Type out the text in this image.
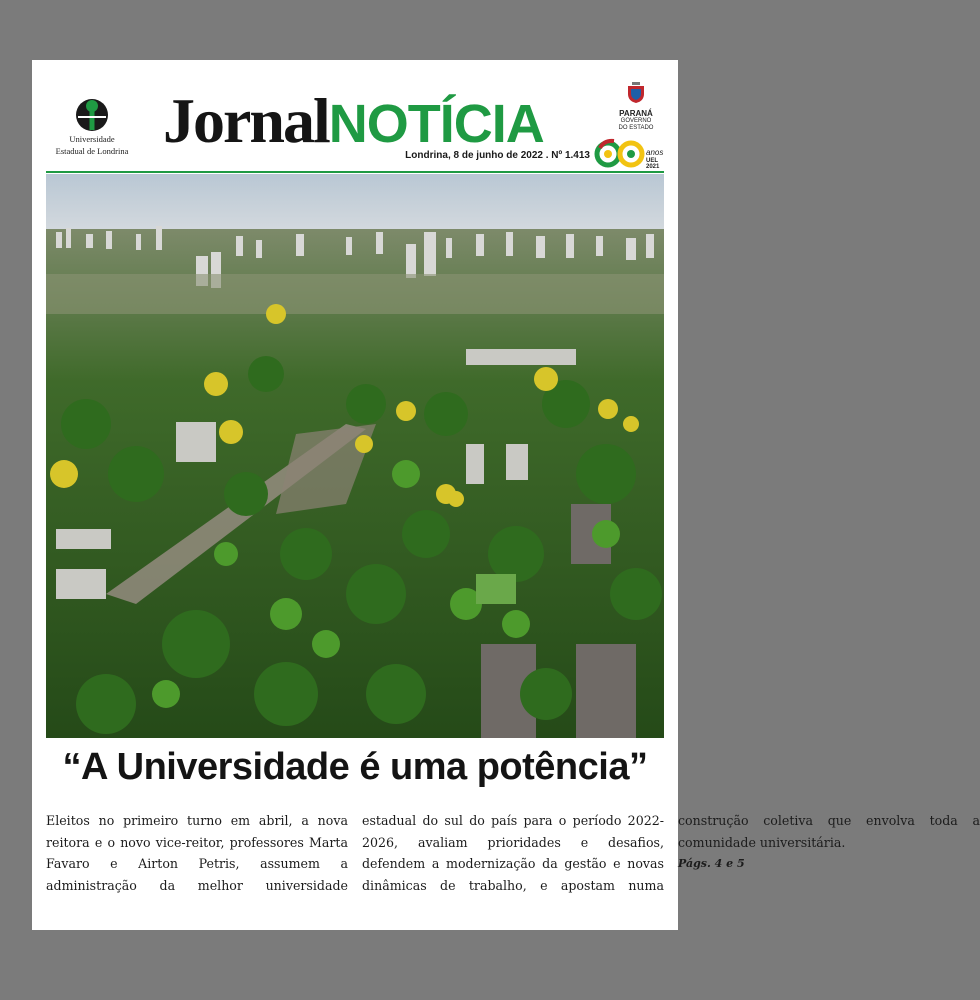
Universidade
Estadual de Londrina JornalNOTÍCIA
Londrina, 8 de junho de 2022 . Nº 1.413
PARANÁ
GOVERNO
DO ESTADO
anos
UEL 2021
“A Universidade é uma potência”
Eleitos no primeiro turno em abril, a nova reitora e o novo vice-reitor, professores Marta Favaro e Airton Petris, assumem a administração da melhor universidade estadual do sul do país para o período 2022-2026, avaliam prioridades e desafios, defendem a modernização da gestão e novas dinâmicas de trabalho, e apostam numa construção coletiva que envolva toda a comunidade universitária.
Págs. 4 e 5
